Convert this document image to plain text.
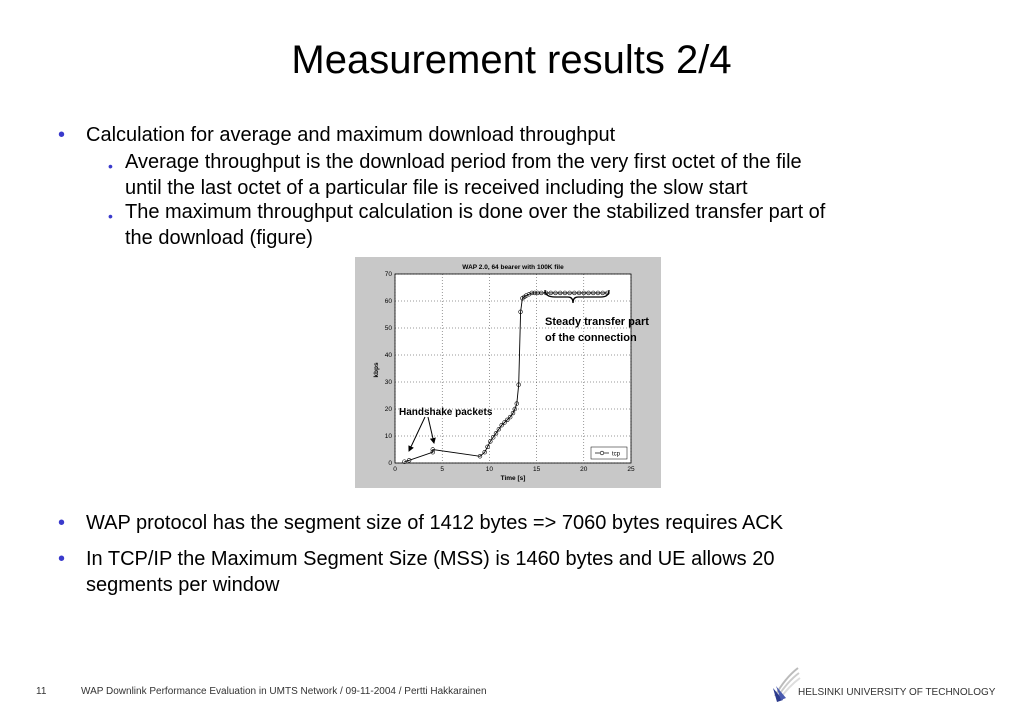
Measurement results 2/4
• Calculation for average and maximum download throughput
• Average throughput is the download period from the very first octet of the file
until the last octet of a particular file is received including the slow start
• The maximum throughput calculation is done over the stabilized transfer part of
the download (figure)
0	5	10	15	20	25
0
10
20
30
40
50
60
70
WAP 2.0, 64 bearer with 100K file
Time [s]
kbps
tcp
Steady transfer part
of the connection
Handshake packets
• WAP protocol has the segment size of 1412 bytes => 7060 bytes requires ACK
• In TCP/IP the Maximum Segment Size (MSS) is 1460 bytes and UE allows 20
segments per window
11	WAP Downlink Performance Evaluation in UMTS Network / 09-11-2004 / Pertti Hakkarainen	HELSINKI UNIVERSITY OF TECHNOLOGY
